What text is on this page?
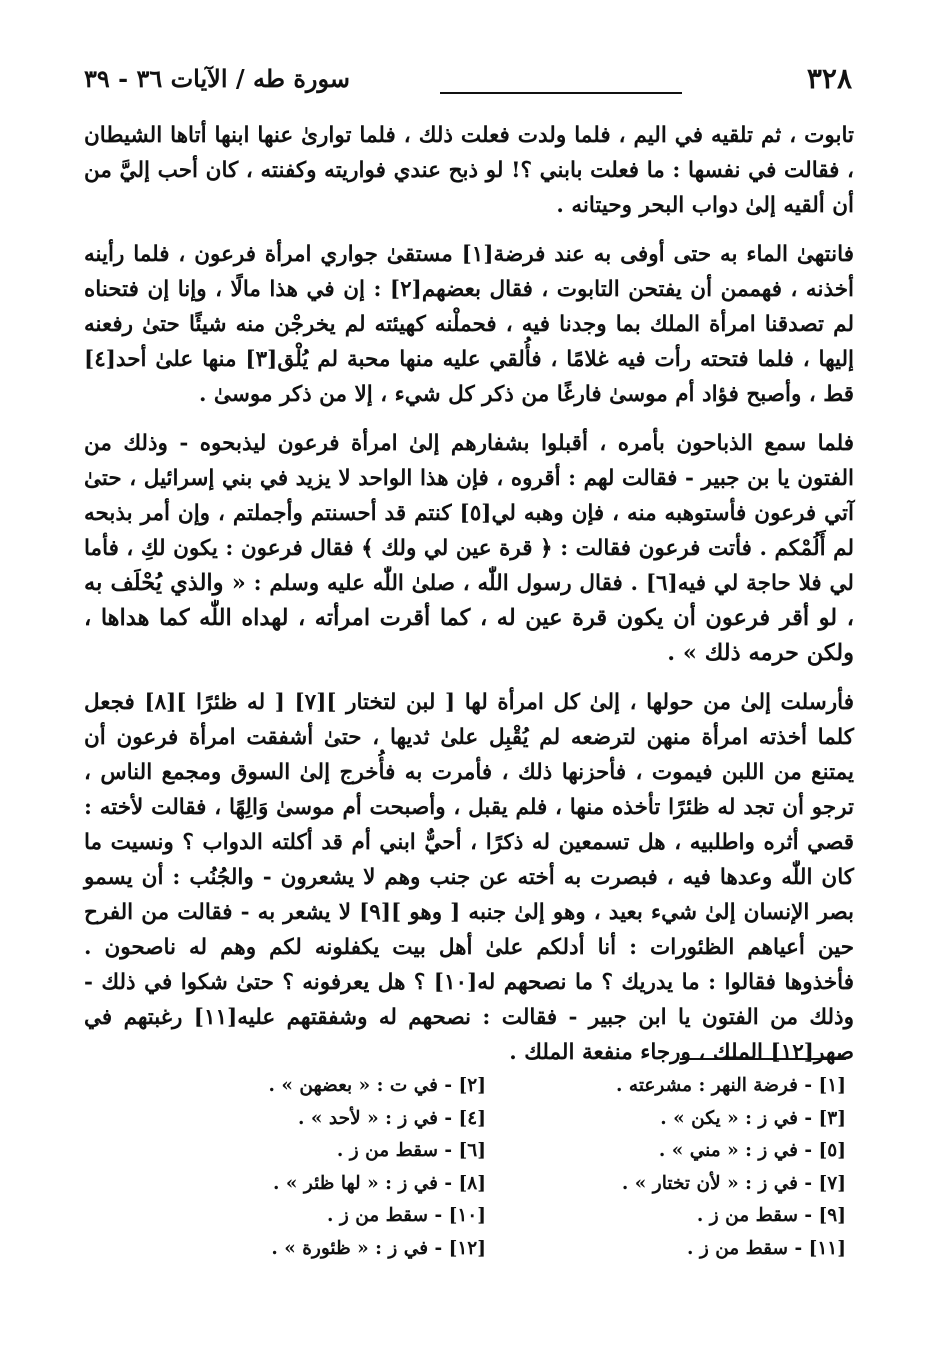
٣٢٨
سورة طه / الآيات ٣٦ - ٣٩

تابوت ، ثم تلقيه في اليم ، فلما ولدت فعلت ذلك ، فلما توارىٰ عنها ابنها أتاها الشيطان ، فقالت في نفسها : ما فعلت بابني ؟! لو ذبح عندي فواريته وكفنته ، كان أحب إليَّ من أن ألقيه إلىٰ دواب البحر وحيتانه .

فانتهىٰ الماء به حتى أوفى به عند فرضة[١] مستقىٰ جواري امرأة فرعون ، فلما رأينه أخذنه ، فهممن أن يفتحن التابوت ، فقال بعضهم[٢] : إن في هذا مالًا ، وإنا إن فتحناه لم تصدقنا امرأة الملك بما وجدنا فيه ، فحملْنه كهيئته لم يخرجْن منه شيئًا حتىٰ رفعنه إليها ، فلما فتحته رأت فيه غلامًا ، فأُلقي عليه منها محبة لم يُلْق[٣] منها علىٰ أحد[٤] قط ، وأصبح فؤاد أم موسىٰ فارغًا من ذكر كل شيء ، إلا من ذكر موسىٰ .

فلما سمع الذباحون بأمره ، أقبلوا بشفارهم إلىٰ امرأة فرعون ليذبحوه - وذلك من الفتون يا بن جبير - فقالت لهم : أقروه ، فإن هذا الواحد لا يزيد في بني إسرائيل ، حتىٰ آتي فرعون فأستوهبه منه ، فإن وهبه لي[٥] كنتم قد أحسنتم وأجملتم ، وإن أمر بذبحه لم أَلُمْكم . فأتت فرعون فقالت : ﴿ قرة عين لي ولك ﴾ فقال فرعون : يكون لكِ ، فأما لي فلا حاجة لي فيه[٦] . فقال رسول اللّٰه ، صلىٰ اللّٰه عليه وسلم : « والذي يُحْلَف به ، لو أقر فرعون أن يكون قرة عين له ، كما أقرت امرأته ، لهداه اللّٰه كما هداها ، ولكن حرمه ذلك » .

فأرسلت إلىٰ من حولها ، إلىٰ كل امرأة لها [ لبن لتختار ][٧] [ له ظئرًا ][٨] فجعل كلما أخذته امرأة منهن لترضعه لم يُقْبِل علىٰ ثديها ، حتىٰ أشفقت امرأة فرعون أن يمتنع من اللبن فيموت ، فأحزنها ذلك ، فأمرت به فأُخرج إلىٰ السوق ومجمع الناس ، ترجو أن تجد له ظئرًا تأخذه منها ، فلم يقبل ، وأصبحت أم موسىٰ وَالِهًا ، فقالت لأخته : قصي أثره واطلبيه ، هل تسمعين له ذكرًا ، أحيٌّ ابني أم قد أكلته الدواب ؟ ونسيت ما كان اللّٰه وعدها فيه ، فبصرت به أخته عن جنب وهم لا يشعرون - والجُنُب : أن يسمو بصر الإنسان إلىٰ شيء بعيد ، وهو إلىٰ جنبه [ وهو ][٩] لا يشعر به - فقالت من الفرح حين أعياهم الظئورات : أنا أدلكم علىٰ أهل بيت يكفلونه لكم وهم له ناصحون . فأخذوها فقالوا : ما يدريك ؟ ما نصحهم له[١٠] ؟ هل يعرفونه ؟ حتىٰ شكوا في ذلك - وذلك من الفتون يا ابن جبير - فقالت : نصحهم له وشفقتهم عليه[١١] رغبتهم في صهر[١٢] الملك ، ورجاء منفعة الملك .

[١] - فرضة النهر : مشرعته .
[٢] - في ت : « بعضهن » .
[٣] - في ز : « يكن » .
[٤] - في ز : « لأحد » .
[٥] - في ز : « مني » .
[٦] - سقط من ز .
[٧] - في ز : « لأن تختار » .
[٨] - في ز : « لها ظئر » .
[٩] - سقط من ز .
[١٠] - سقط من ز .
[١١] - سقط من ز .
[١٢] - في ز : « ظئورة » .
